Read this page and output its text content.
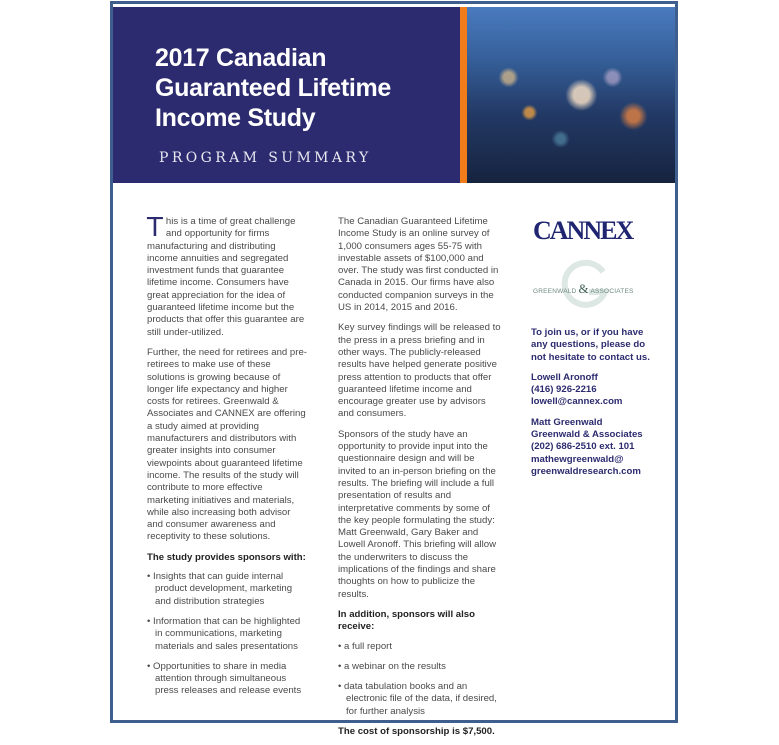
2017 Canadian
Guaranteed Lifetime
Income Study
PROGRAM SUMMARY

This is a time of great challenge and opportunity for firms manufacturing and distributing income annuities and segregated investment funds that guarantee lifetime income. Consumers have great appreciation for the idea of guaranteed lifetime income but the products that offer this guarantee are still under-utilized.

Further, the need for retirees and pre-retirees to make use of these solutions is growing because of longer life expectancy and higher costs for retirees. Greenwald & Associates and CANNEX are offering a study aimed at providing manufacturers and distributors with greater insights into consumer viewpoints about guaranteed lifetime income. The results of the study will contribute to more effective marketing initiatives and materials, while also increasing both advisor and consumer awareness and receptivity to these solutions.

The study provides sponsors with:

• Insights that can guide internal product development, marketing and distribution strategies
• Information that can be highlighted in communications, marketing materials and sales presentations
• Opportunities to share in media attention through simultaneous press releases and release events

The Canadian Guaranteed Lifetime Income Study is an online survey of 1,000 consumers ages 55-75 with investable assets of $100,000 and over. The study was first conducted in Canada in 2015. Our firms have also conducted companion surveys in the US in 2014, 2015 and 2016.

Key survey findings will be released to the press in a press briefing and in other ways. The publicly-released results have helped generate positive press attention to products that offer guaranteed lifetime income and encourage greater use by advisors and consumers.

Sponsors of the study have an opportunity to provide input into the questionnaire design and will be invited to an in-person briefing on the results. The briefing will include a full presentation of results and interpretative comments by some of the key people formulating the study: Matt Greenwald, Gary Baker and Lowell Aronoff. This briefing will allow the underwriters to discuss the implications of the findings and share thoughts on how to publicize the results.

In addition, sponsors will also receive:

• a full report
• a webinar on the results
• data tabulation books and an electronic file of the data, if desired, for further analysis

The cost of sponsorship is $7,500.

CANNEX
GREENWALD & ASSOCIATES

To join us, or if you have any questions, please do not hesitate to contact us.

Lowell Aronoff
(416) 926-2216
lowell@cannex.com

Matt Greenwald
Greenwald & Associates
(202) 686-2510 ext. 101
mathewgreenwald@
greenwaldresearch.com
